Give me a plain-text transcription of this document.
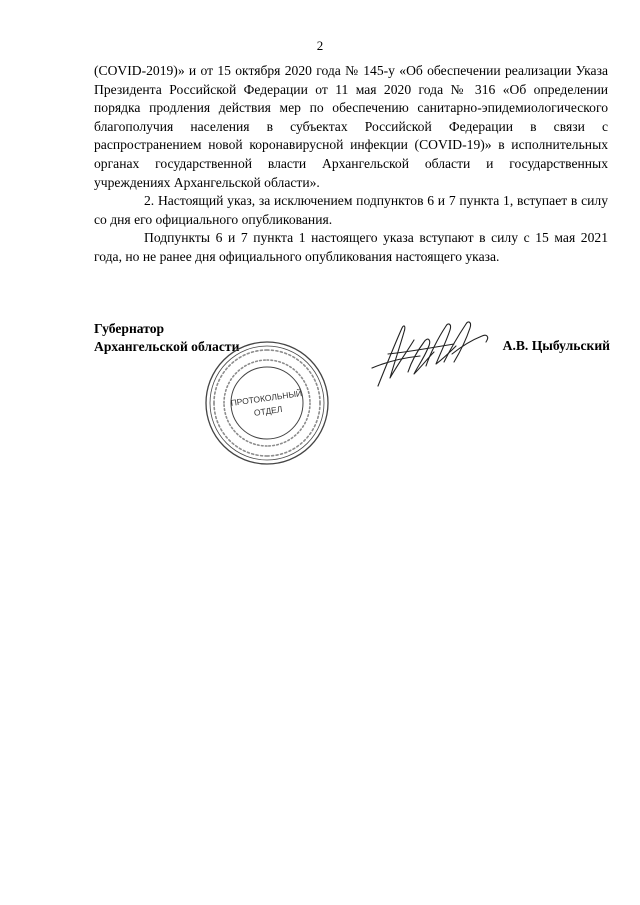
2

(COVID-2019)» и от 15 октября 2020 года № 145-у «Об обеспечении реализации Указа Президента Российской Федерации от 11 мая 2020 года № 316 «Об определении порядка продления действия мер по обеспечению санитарно-эпидемиологического благополучия населения в субъектах Российской Федерации в связи с распространением новой коронавирусной инфекции (COVID-19)» в исполнительных органах государственной власти Архангельской области и государственных учреждениях Архангельской области».

2. Настоящий указ, за исключением подпунктов 6 и 7 пункта 1, вступает в силу со дня его официального опубликования.

Подпункты 6 и 7 пункта 1 настоящего указа вступают в силу с 15 мая 2021 года, но не ранее дня официального опубликования настоящего указа.

Губернатор
Архангельской области	А.В. Цыбульский
ПРОТОКОЛЬНЫЙ
ОТДЕЛ
